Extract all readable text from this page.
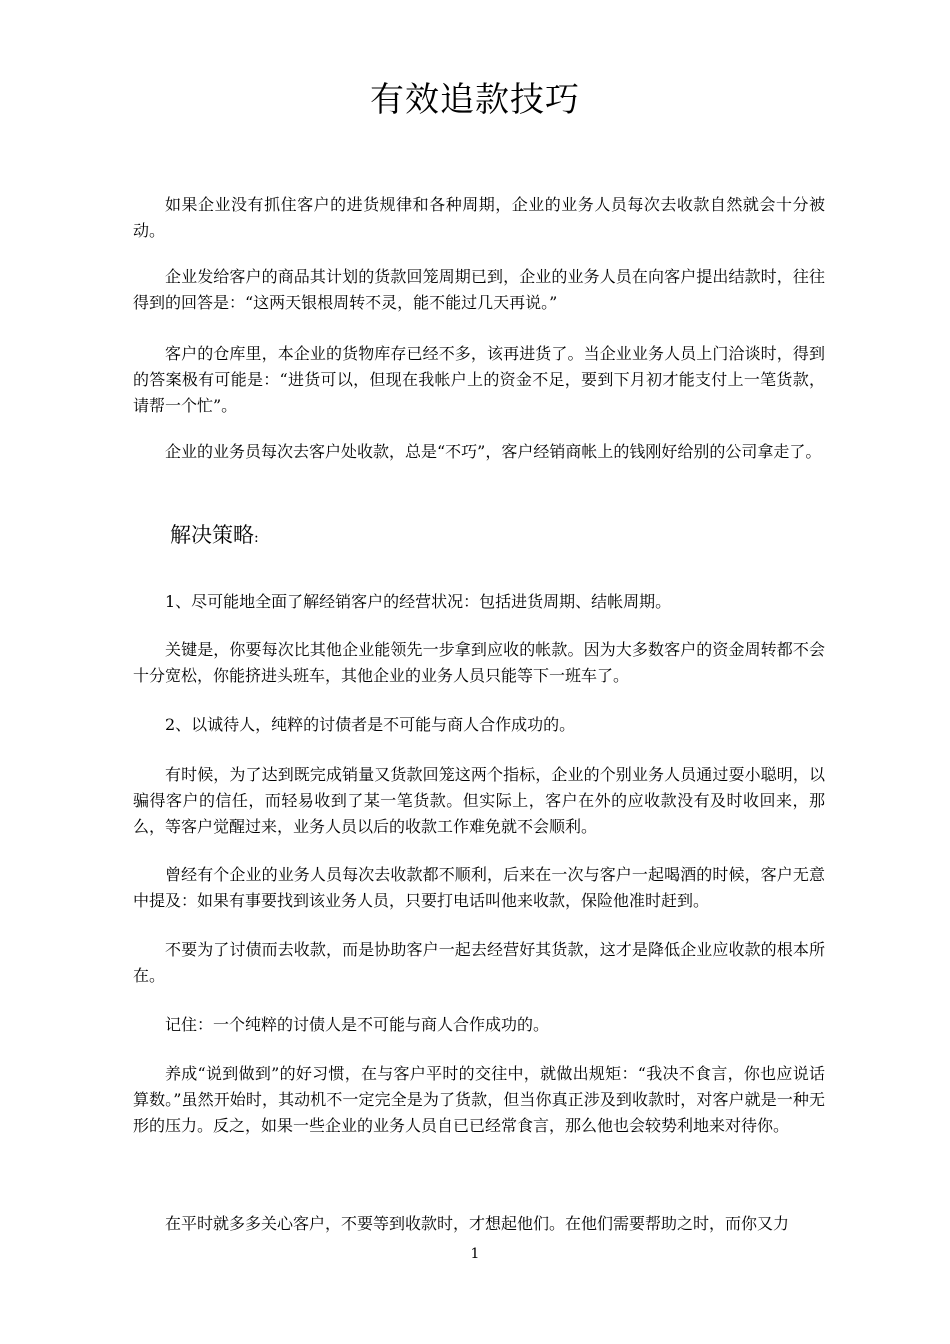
有效追款技巧

如果企业没有抓住客户的进货规律和各种周期，企业的业务人员每次去收款自然就会十分被动。

企业发给客户的商品其计划的货款回笼周期已到，企业的业务人员在向客户提出结款时，往往得到的回答是：“这两天银根周转不灵，能不能过几天再说。”

客户的仓库里，本企业的货物库存已经不多，该再进货了。当企业业务人员上门洽谈时，得到的答案极有可能是：“进货可以，但现在我帐户上的资金不足，要到下月初才能支付上一笔货款，请帮一个忙”。

企业的业务员每次去客户处收款，总是“不巧”，客户经销商帐上的钱刚好给别的公司拿走了。

解决策略:

1、尽可能地全面了解经销客户的经营状况：包括进货周期、结帐周期。

关键是，你要每次比其他企业能领先一步拿到应收的帐款。因为大多数客户的资金周转都不会十分宽松，你能挤进头班车，其他企业的业务人员只能等下一班车了。

2、以诚待人，纯粹的讨债者是不可能与商人合作成功的。

有时候，为了达到既完成销量又货款回笼这两个指标，企业的个别业务人员通过耍小聪明，以骗得客户的信任，而轻易收到了某一笔货款。但实际上，客户在外的应收款没有及时收回来，那么，等客户觉醒过来，业务人员以后的收款工作难免就不会顺利。

曾经有个企业的业务人员每次去收款都不顺利，后来在一次与客户一起喝酒的时候，客户无意中提及：如果有事要找到该业务人员，只要打电话叫他来收款，保险他准时赶到。

不要为了讨债而去收款，而是协助客户一起去经营好其货款，这才是降低企业应收款的根本所在。

记住：一个纯粹的讨债人是不可能与商人合作成功的。

养成“说到做到”的好习惯，在与客户平时的交往中，就做出规矩：“我决不食言，你也应说话算数。”虽然开始时，其动机不一定完全是为了货款，但当你真正涉及到收款时，对客户就是一种无形的压力。反之，如果一些企业的业务人员自已已经常食言，那么他也会较势利地来对待你。

在平时就多多关心客户，不要等到收款时，才想起他们。在他们需要帮助之时，而你又力

1
